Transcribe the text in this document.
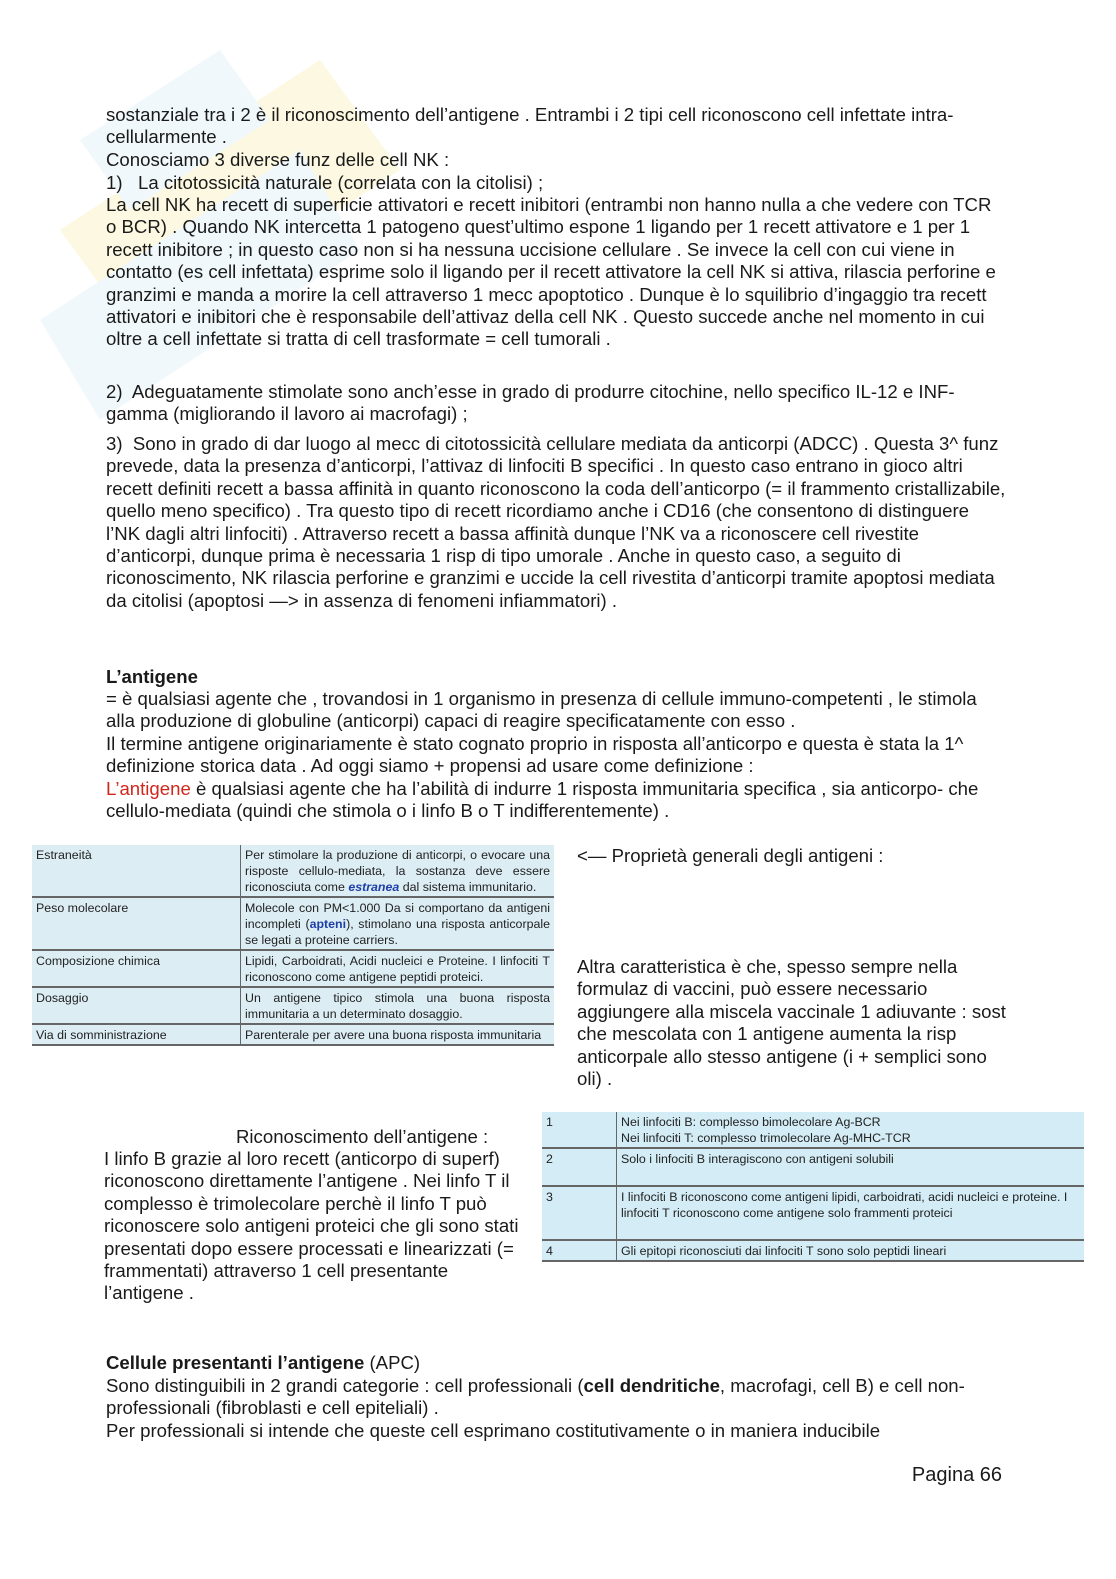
sostanziale tra i 2 è il riconoscimento dell’antigene . Entrambi i 2 tipi cell riconoscono cell infettate intra-cellularmente .

Conosciamo 3 diverse funz delle cell NK :

1)   La citotossicità naturale (correlata con la citolisi) ;

La cell NK ha recett di superficie attivatori e recett inibitori (entrambi non hanno nulla a che vedere con TCR o BCR) . Quando NK intercetta 1 patogeno quest’ultimo espone 1 ligando per 1 recett attivatore e 1 per 1 recett inibitore ; in questo caso non si ha nessuna uccisione cellulare . Se invece la cell con cui viene in contatto (es cell infettata) esprime solo il ligando per il recett attivatore la cell NK si attiva, rilascia perforine e granzimi e manda a morire la cell attraverso 1 mecc apoptotico . Dunque è lo squilibrio d’ingaggio tra recett attivatori e inibitori che è responsabile dell’attivaz della cell NK . Questo succede anche nel momento in cui oltre a cell infettate si tratta di cell trasformate = cell tumorali .

2)  Adeguatamente stimolate sono anch’esse in grado di produrre citochine, nello specifico IL-12 e INF-gamma (migliorando il lavoro ai macrofagi) ;

3)  Sono in grado di dar luogo al mecc di citotossicità cellulare mediata da anticorpi (ADCC) . Questa 3^ funz prevede, data la presenza d’anticorpi, l’attivaz di linfociti B specifici . In questo caso entrano in gioco altri recett definiti recett a bassa affinità in quanto riconoscono la coda dell’anticorpo (= il frammento cristallizabile, quello meno specifico) . Tra questo tipo di recett ricordiamo anche i CD16 (che consentono di distinguere l’NK dagli altri linfociti) . Attraverso recett a bassa affinità dunque l’NK va a riconoscere cell rivestite d’anticorpi, dunque prima è necessaria 1 risp di tipo umorale . Anche in questo caso, a seguito di riconoscimento, NK rilascia perforine e granzimi e uccide la cell rivestita d’anticorpi tramite apoptosi mediata da citolisi (apoptosi —> in assenza di fenomeni infiammatori) .

L’antigene

= è qualsiasi agente che , trovandosi in 1 organismo in presenza di cellule immuno-competenti , le stimola alla produzione di globuline (anticorpi) capaci di reagire specificatamente con esso .

Il termine antigene originariamente è stato cognato proprio in risposta all’anticorpo e questa è stata la 1^ definizione storica data . Ad oggi siamo + propensi ad usare come definizione :

L’antigene è qualsiasi agente che ha l’abilità di indurre 1 risposta immunitaria specifica , sia anticorpo- che cellulo-mediata (quindi che stimola o i linfo B o T indifferentemente) .

Estraneità	Per stimolare la produzione di anticorpi, o evocare una risposte cellulo-mediata, la sostanza deve essere riconosciuta come estranea dal sistema immunitario.
Peso molecolare	Molecole con PM<1.000 Da si comportano da antigeni incompleti (apteni), stimolano una risposta anticorpale se legati a proteine carriers.
Composizione chimica	Lipidi, Carboidrati, Acidi nucleici e Proteine. I linfociti T riconoscono come antigene peptidi proteici.
Dosaggio	Un antigene tipico stimola una buona risposta immunitaria a un determinato dosaggio.
Via di somministrazione	Parenterale per avere una buona risposta immunitaria

<— Proprietà generali degli antigeni :

Altra caratteristica è che, spesso sempre nella formulaz di vaccini, può essere necessario aggiungere alla miscela vaccinale 1 adiuvante : sost che mescolata con 1 antigene aumenta la risp anticorpale allo stesso antigene (i + semplici sono oli) .

Riconoscimento dell’antigene :

I linfo B grazie al loro recett (anticorpo di superf) riconoscono direttamente l’antigene . Nei linfo T il complesso è trimolecolare perchè il linfo T può riconoscere solo antigeni proteici che gli sono stati presentati dopo essere processati e linearizzati (= frammentati) attraverso 1 cell presentante l’antigene .

1	Nei linfociti B: complesso bimolecolare Ag-BCR
Nei linfociti T: complesso trimolecolare Ag-MHC-TCR

2	Solo i linfociti B interagiscono con antigeni solubili

3	I linfociti B riconoscono come antigeni lipidi, carboidrati, acidi nucleici e proteine. I linfociti T riconoscono come antigene solo frammenti proteici

4	Gli epitopi riconosciuti dai linfociti T sono solo peptidi lineari

Cellule presentanti l’antigene (APC)

Sono distinguibili in 2 grandi categorie : cell professionali (cell dendritiche, macrofagi, cell B) e cell non-professionali (fibroblasti e cell epiteliali) .

Per professionali si intende che queste cell esprimano costitutivamente o in maniera inducibile

Pagina 66
